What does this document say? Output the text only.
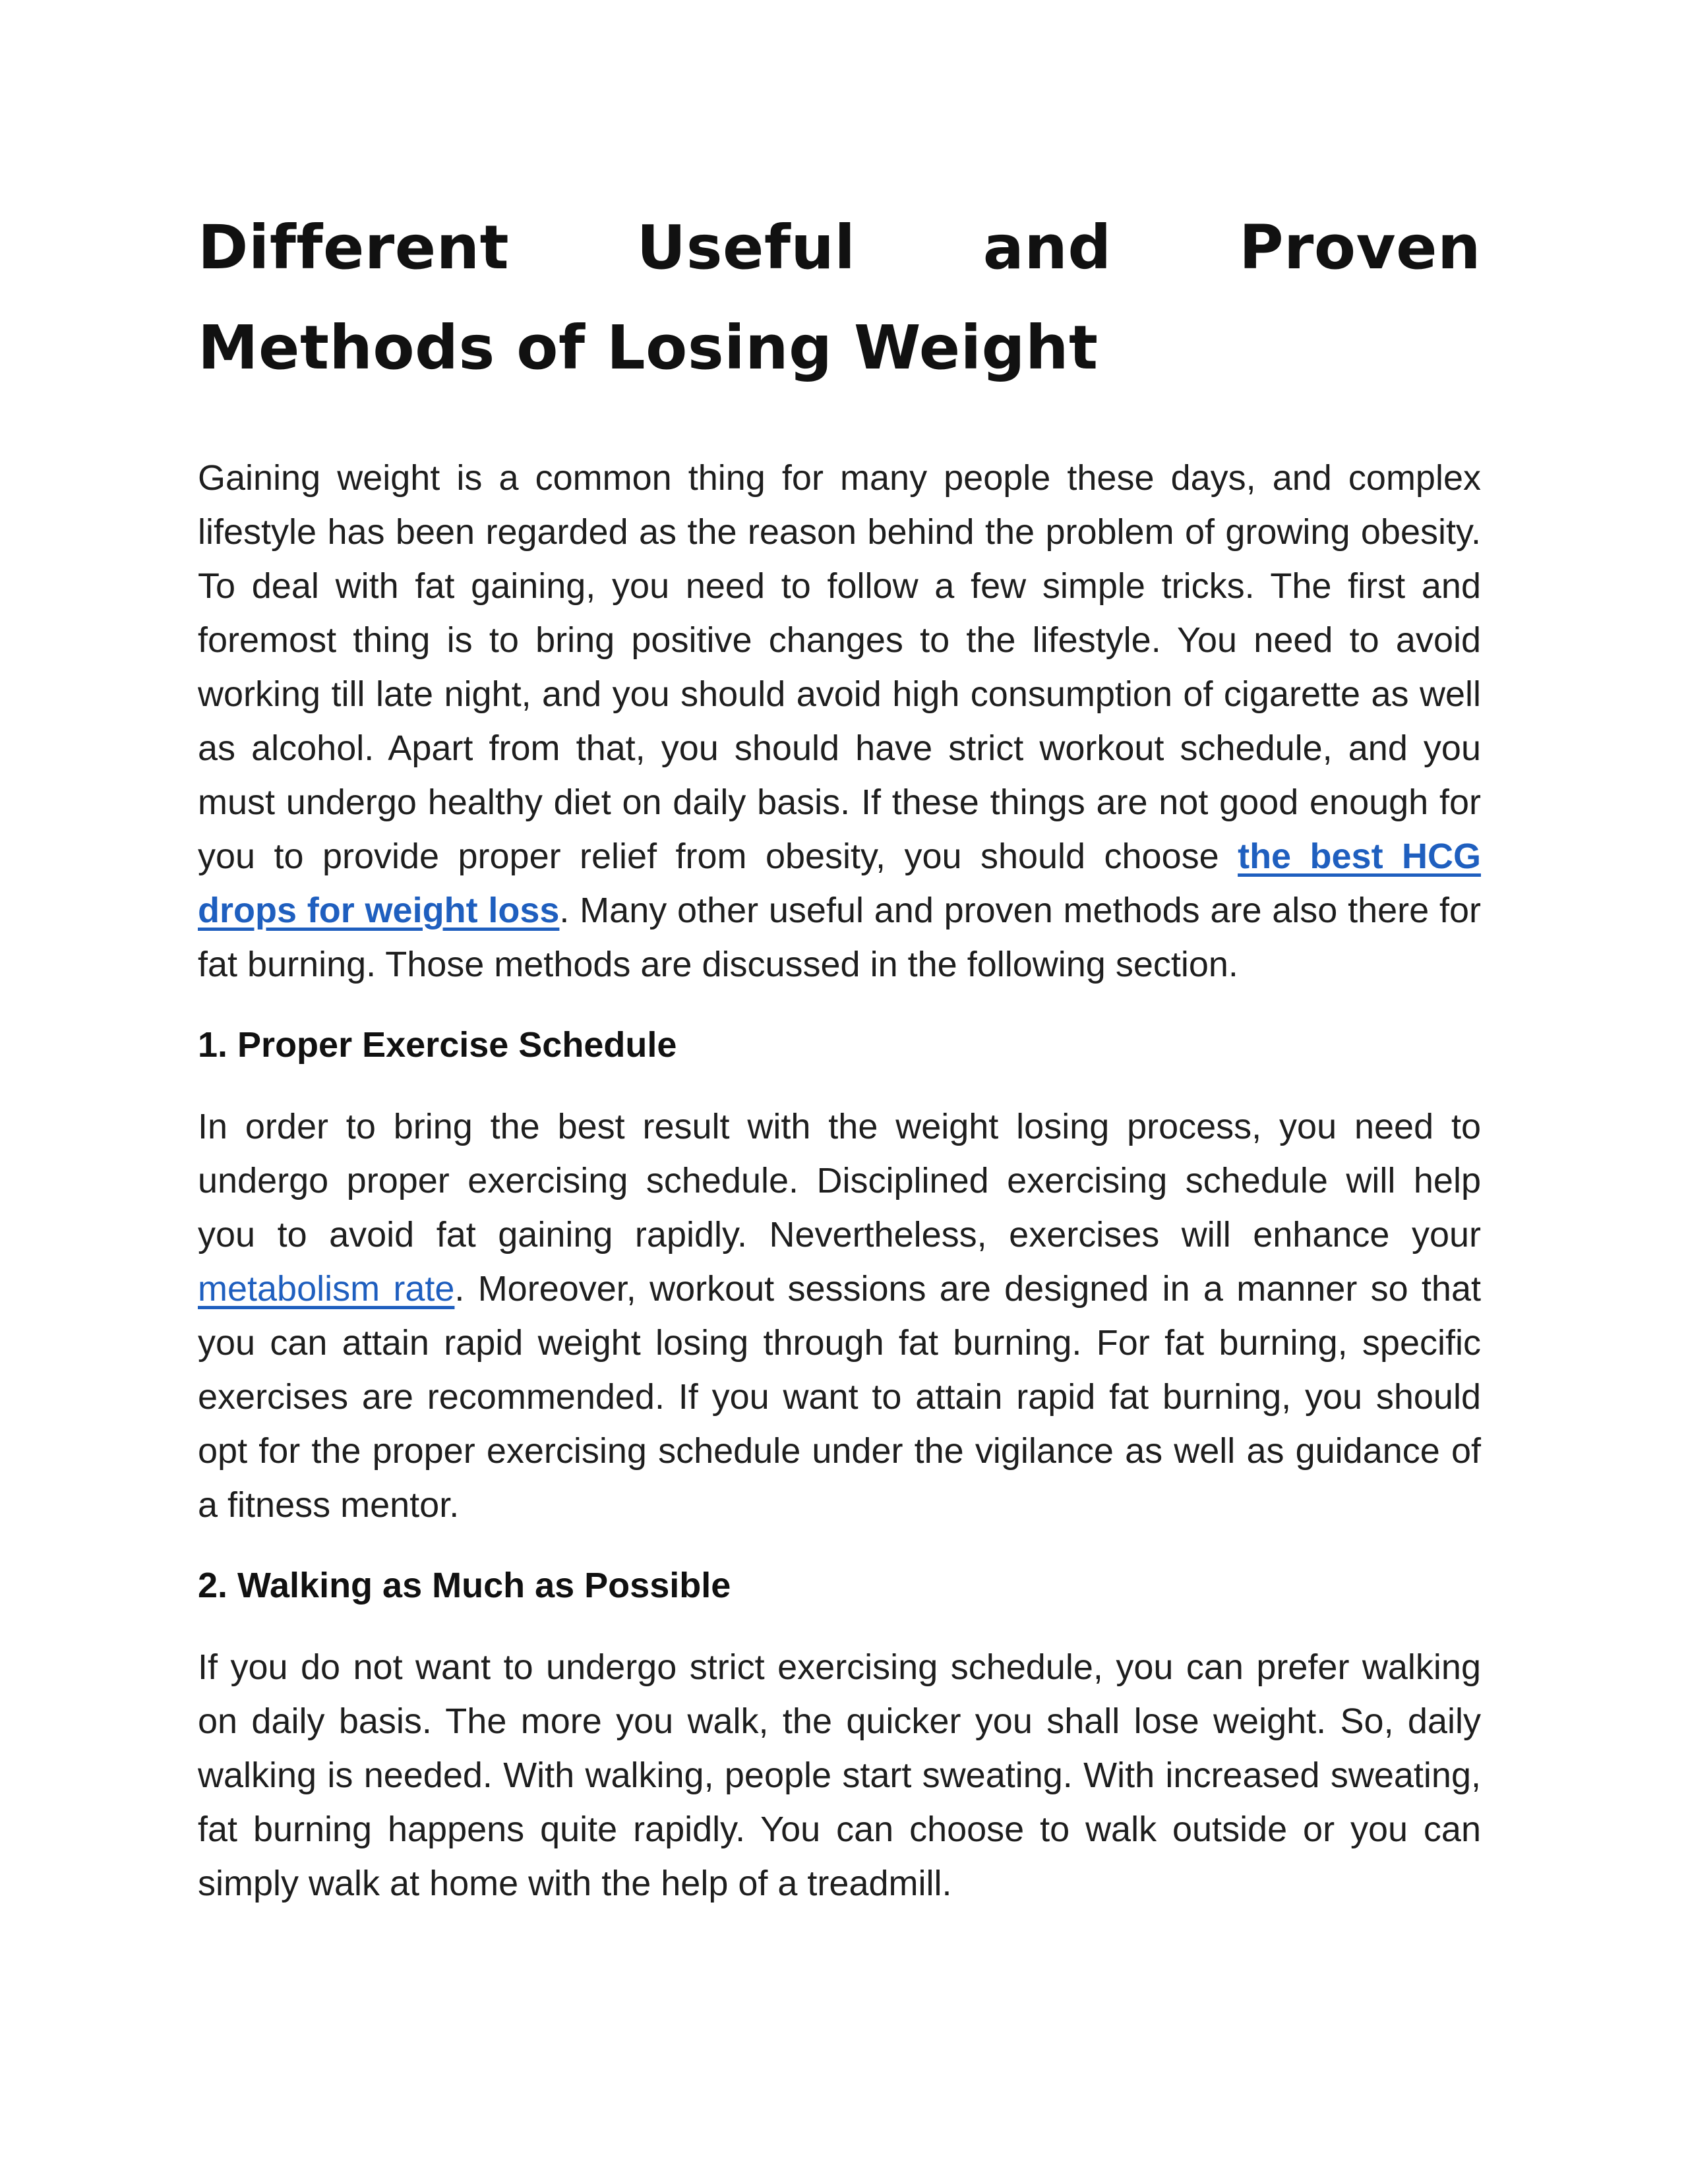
Different Useful and Proven Methods of Losing Weight

Gaining weight is a common thing for many people these days, and complex lifestyle has been regarded as the reason behind the problem of growing obesity. To deal with fat gaining, you need to follow a few simple tricks. The first and foremost thing is to bring positive changes to the lifestyle. You need to avoid working till late night, and you should avoid high consumption of cigarette as well as alcohol. Apart from that, you should have strict workout schedule, and you must undergo healthy diet on daily basis. If these things are not good enough for you to provide proper relief from obesity, you should choose the best HCG drops for weight loss. Many other useful and proven methods are also there for fat burning. Those methods are discussed in the following section.

1. Proper Exercise Schedule

In order to bring the best result with the weight losing process, you need to undergo proper exercising schedule. Disciplined exercising schedule will help you to avoid fat gaining rapidly. Nevertheless, exercises will enhance your metabolism rate. Moreover, workout sessions are designed in a manner so that you can attain rapid weight losing through fat burning. For fat burning, specific exercises are recommended. If you want to attain rapid fat burning, you should opt for the proper exercising schedule under the vigilance as well as guidance of a fitness mentor.

2. Walking as Much as Possible

If you do not want to undergo strict exercising schedule, you can prefer walking on daily basis. The more you walk, the quicker you shall lose weight. So, daily walking is needed. With walking, people start sweating. With increased sweating, fat burning happens quite rapidly. You can choose to walk outside or you can simply walk at home with the help of a treadmill.
